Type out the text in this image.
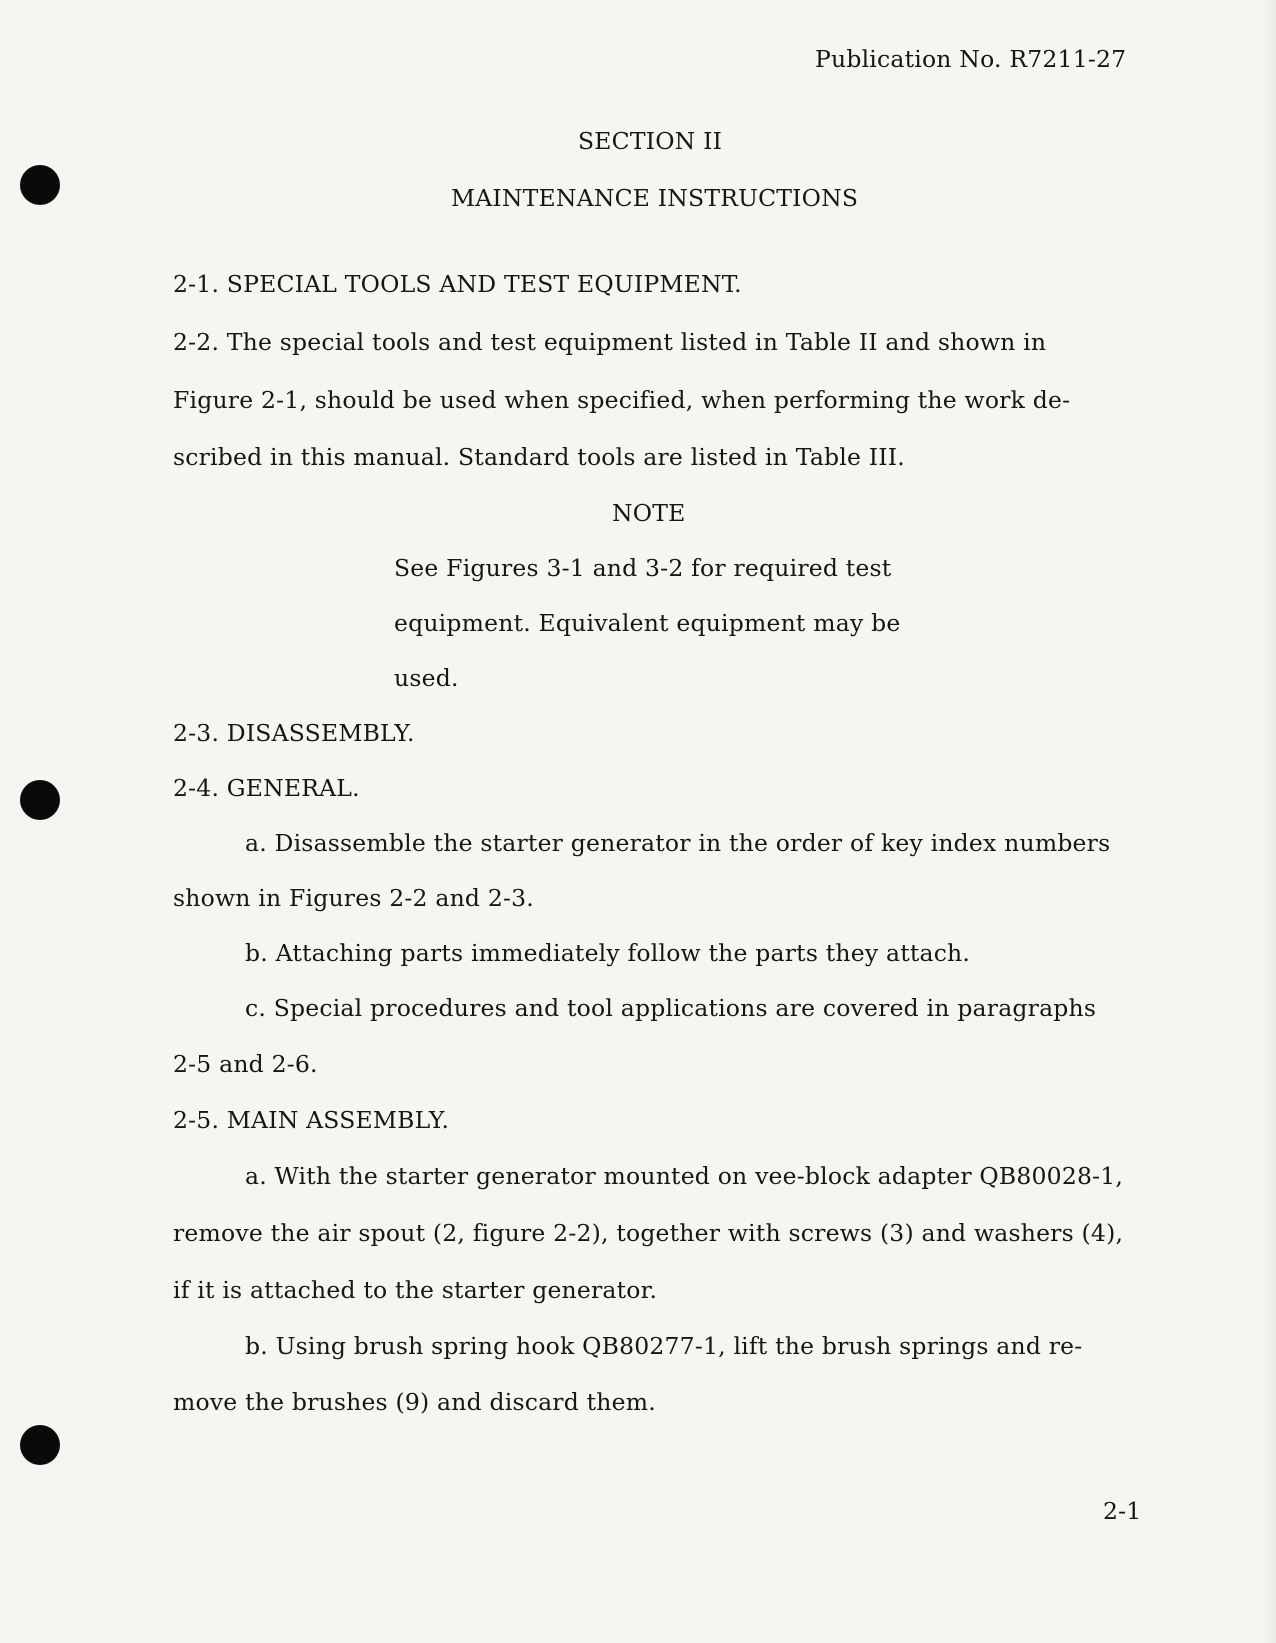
Publication No. R7211-27
SECTION II
MAINTENANCE INSTRUCTIONS
2-1. SPECIAL TOOLS AND TEST EQUIPMENT.
2-2. The special tools and test equipment listed in Table II and shown in
Figure 2-1, should be used when specified, when performing the work de-
scribed in this manual. Standard tools are listed in Table III.
NOTE
See Figures 3-1 and 3-2 for required test
equipment. Equivalent equipment may be
used.
2-3. DISASSEMBLY.
2-4. GENERAL.
a. Disassemble the starter generator in the order of key index numbers
shown in Figures 2-2 and 2-3.
b. Attaching parts immediately follow the parts they attach.
c. Special procedures and tool applications are covered in paragraphs
2-5 and 2-6.
2-5. MAIN ASSEMBLY.
a. With the starter generator mounted on vee-block adapter QB80028-1,
remove the air spout (2, figure 2-2), together with screws (3) and washers (4),
if it is attached to the starter generator.
b. Using brush spring hook QB80277-1, lift the brush springs and re-
move the brushes (9) and discard them.
2-1
